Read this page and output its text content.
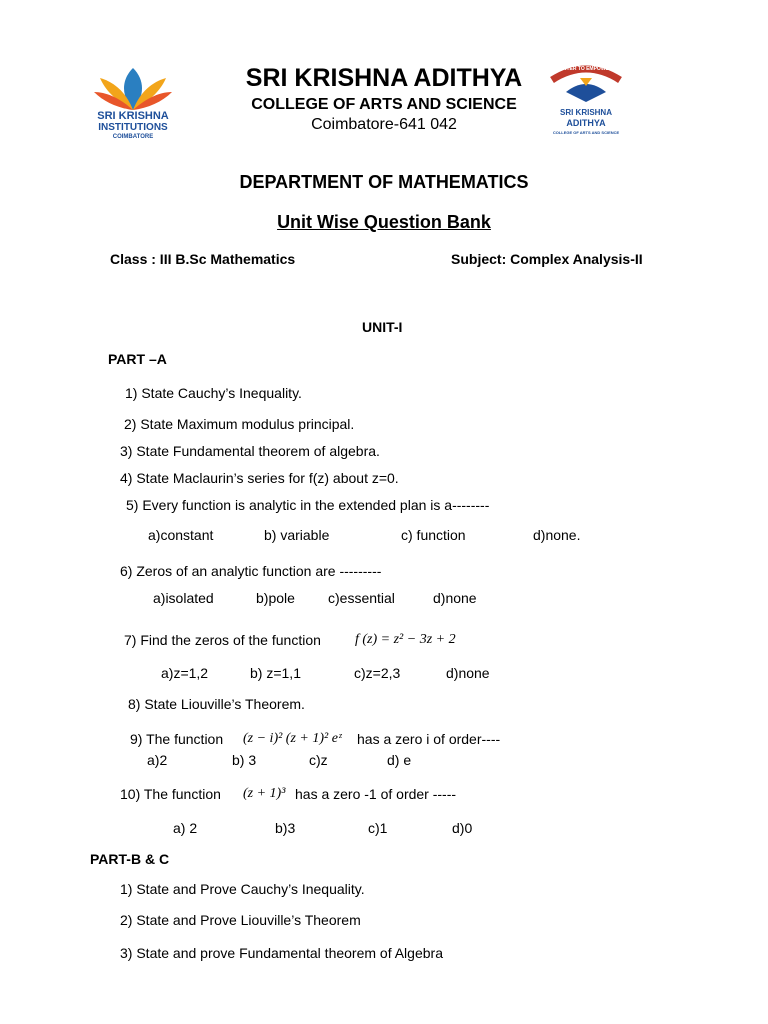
SRI KRISHNA
INSTITUTIONS
COIMBATORE
ENTER TO EMPOWER
SRI KRISHNA
ADITHYA
COLLEGE OF ARTS AND SCIENCE
SRI KRISHNA ADITHYA
COLLEGE OF ARTS AND SCIENCE
Coimbatore-641 042
DEPARTMENT OF MATHEMATICS
Unit Wise Question Bank
Class : III B.Sc Mathematics	Subject: Complex Analysis-II
UNIT-I
PART –A
1) State Cauchy’s Inequality.
2) State Maximum modulus principal.
3) State Fundamental theorem of algebra.
4) State Maclaurin’s series for f(z) about z=0.
5) Every function is analytic in the extended plan is a--------
a)constant	b) variable	c) function	d)none.
6) Zeros of an analytic function are ---------
a)isolated	b)pole c)essential	d)none
7) Find the zeros of the function f (z) = z² − 3z + 2
a)z=1,2	b) z=1,1	c)z=2,3	d)none
8) State Liouville’s Theorem.
9) The function (z − i)² (z + 1)² eᶻ has a zero i of order----
a)2	b) 3	c)z	d) e
10) The function (z + 1)³ has a zero -1 of order -----
a) 2	b)3	c)1	d)0
PART-B & C
1) State and Prove Cauchy’s Inequality.
2) State and Prove Liouville’s Theorem
3) State and prove Fundamental theorem of Algebra
